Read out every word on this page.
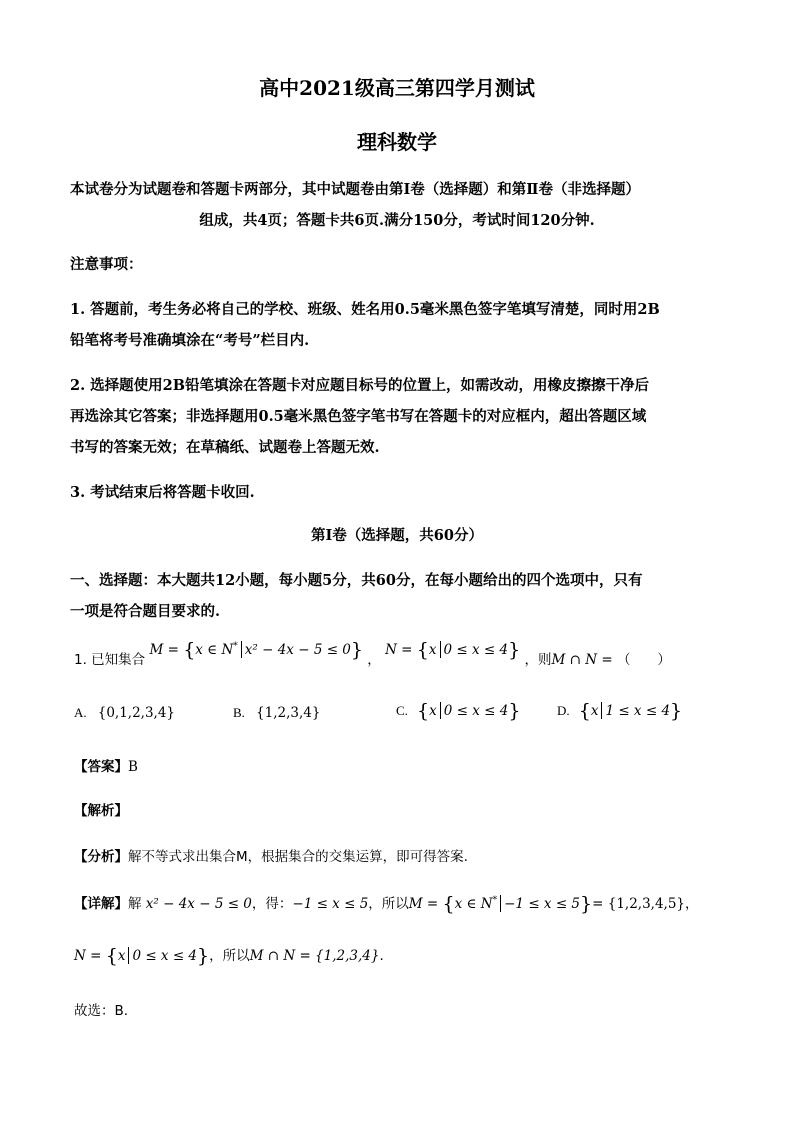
高中2021级高三第四学月测试
理科数学
本试卷分为试题卷和答题卡两部分，其中试题卷由第Ⅰ卷（选择题）和第Ⅱ卷（非选择题）
组成，共4页；答题卡共6页.满分150分，考试时间120分钟.
注意事项：
1. 答题前，考生务必将自己的学校、班级、姓名用0.5毫米黑色签字笔填写清楚，同时用2B
铅笔将考号准确填涂在“考号”栏目内.
2. 选择题使用2B铅笔填涂在答题卡对应题目标号的位置上，如需改动，用橡皮擦擦干净后
再选涂其它答案；非选择题用0.5毫米黑色签字笔书写在答题卡的对应框内，超出答题区域
书写的答案无效；在草稿纸、试题卷上答题无效.
3. 考试结束后将答题卡收回.
第Ⅰ卷（选择题，共60分）
一、选择题：本大题共12小题，每小题5分，共60分，在每小题给出的四个选项中，只有
一项是符合题目要求的.
1. 已知集合 M = {x ∈ N* x² − 4x − 5 ≤ 0} ， N = {x 0 ≤ x ≤ 4} ，则M ∩ N = （　　）
A. {0,1,2,3,4}	B. {1,2,3,4}	C. {x 0 ≤ x ≤ 4}	D. {x 1 ≤ x ≤ 4}
【答案】B
【解析】
【分析】解不等式求出集合M，根据集合的交集运算，即可得答案.
【详解】解 x² − 4x − 5 ≤ 0，得：−1 ≤ x ≤ 5，所以M = {x ∈ N* −1 ≤ x ≤ 5}= {1,2,3,4,5}，
N = {x 0 ≤ x ≤ 4}，所以M ∩ N = {1,2,3,4}.
故选：B.
